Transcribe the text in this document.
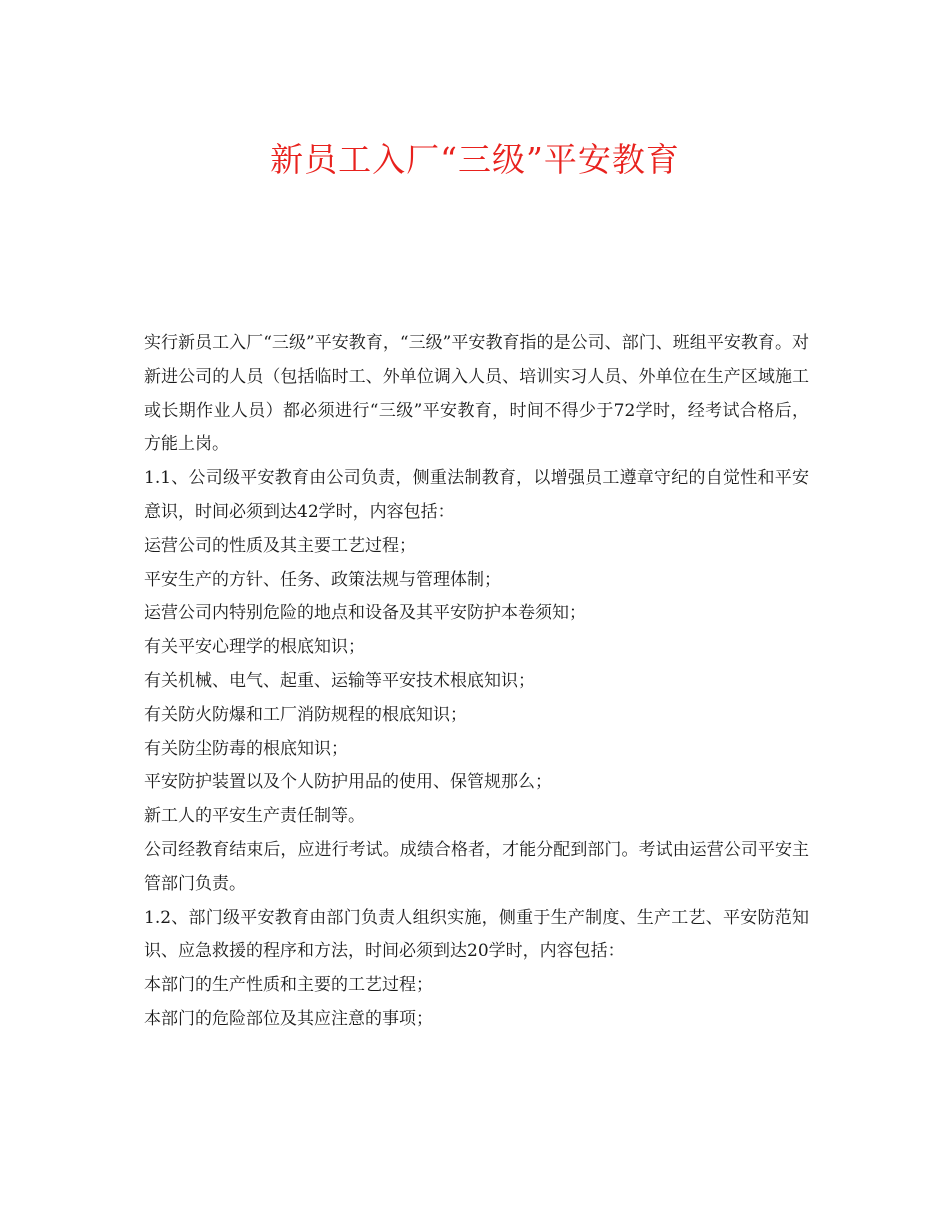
新员工入厂“三级”平安教育

实行新员工入厂“三级”平安教育，“三级”平安教育指的是公司、部门、班组平安教育。对新进公司的人员（包括临时工、外单位调入人员、培训实习人员、外单位在生产区域施工或长期作业人员）都必须进行“三级”平安教育，时间不得少于72学时，经考试合格后，方能上岗。

1.1、公司级平安教育由公司负责，侧重法制教育，以增强员工遵章守纪的自觉性和平安意识，时间必须到达42学时，内容包括：

运营公司的性质及其主要工艺过程；

平安生产的方针、任务、政策法规与管理体制；

运营公司内特别危险的地点和设备及其平安防护本卷须知；

有关平安心理学的根底知识；

有关机械、电气、起重、运输等平安技术根底知识；

有关防火防爆和工厂消防规程的根底知识；

有关防尘防毒的根底知识；

平安防护装置以及个人防护用品的使用、保管规那么；

新工人的平安生产责任制等。

公司经教育结束后，应进行考试。成绩合格者，才能分配到部门。考试由运营公司平安主管部门负责。

1.2、部门级平安教育由部门负责人组织实施，侧重于生产制度、生产工艺、平安防范知识、应急救援的程序和方法，时间必须到达20学时，内容包括：

本部门的生产性质和主要的工艺过程；

本部门的危险部位及其应注意的事项；
